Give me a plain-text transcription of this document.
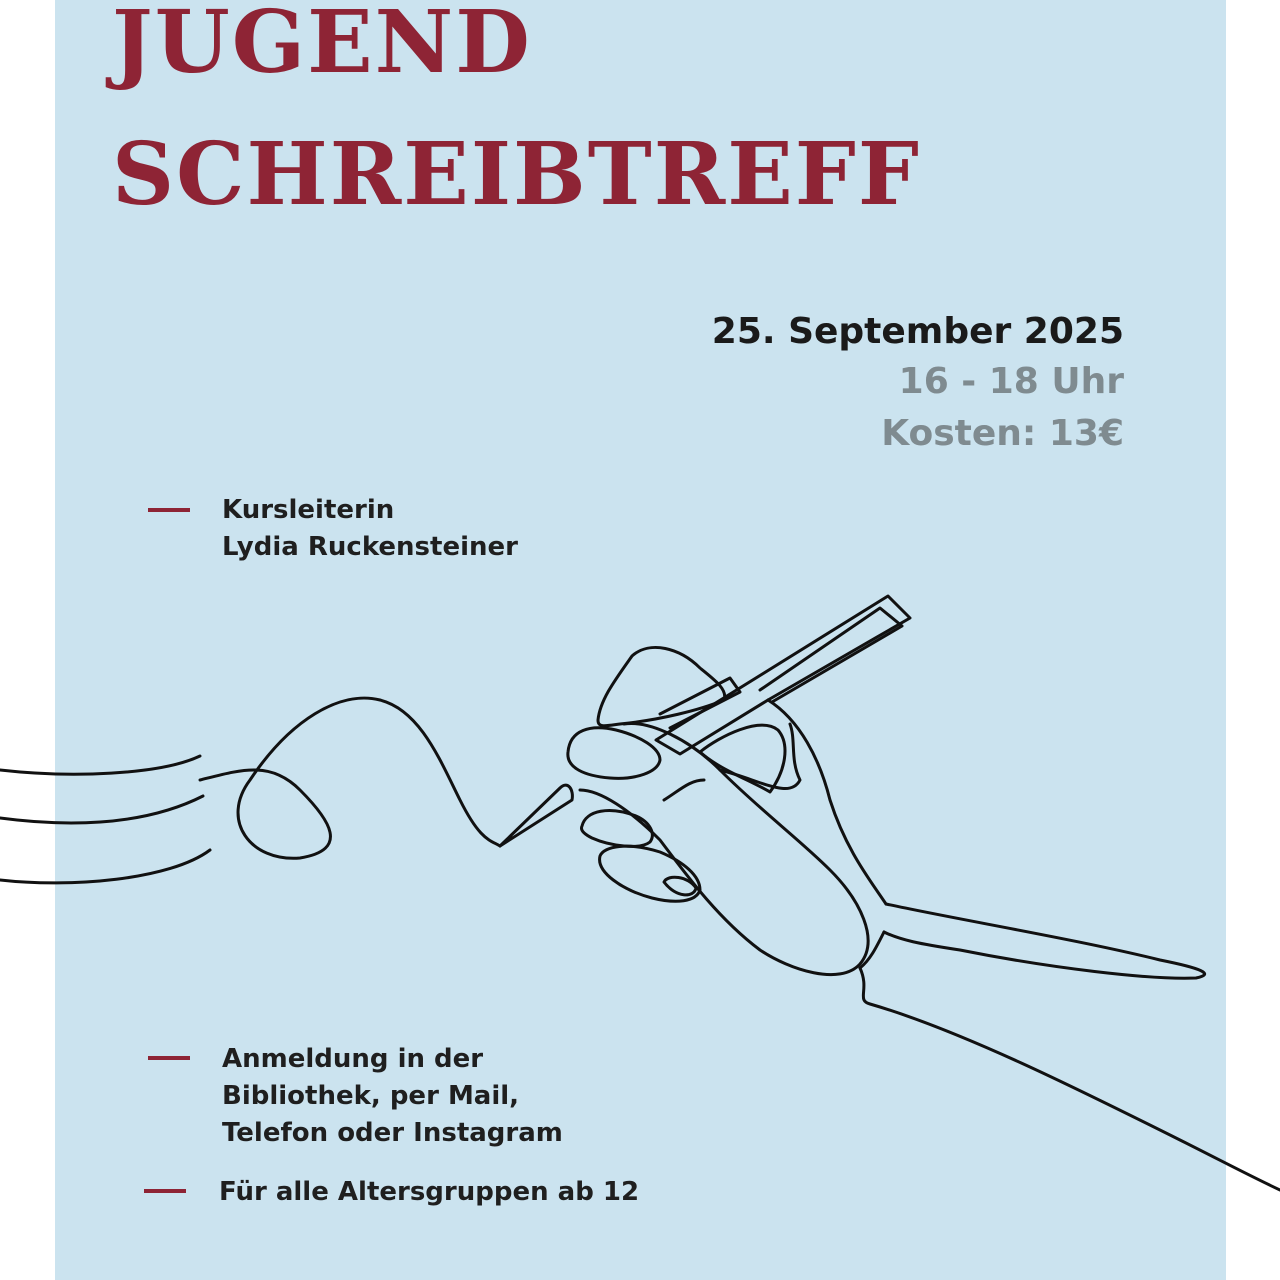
JUGEND
SCHREIBTREFF
25. September 2025
16 - 18 Uhr
Kosten: 13€
Kursleiterin
Lydia Ruckensteiner
Anmeldung in der
Bibliothek, per Mail,
Telefon oder Instagram
Für alle Altersgruppen ab 12
